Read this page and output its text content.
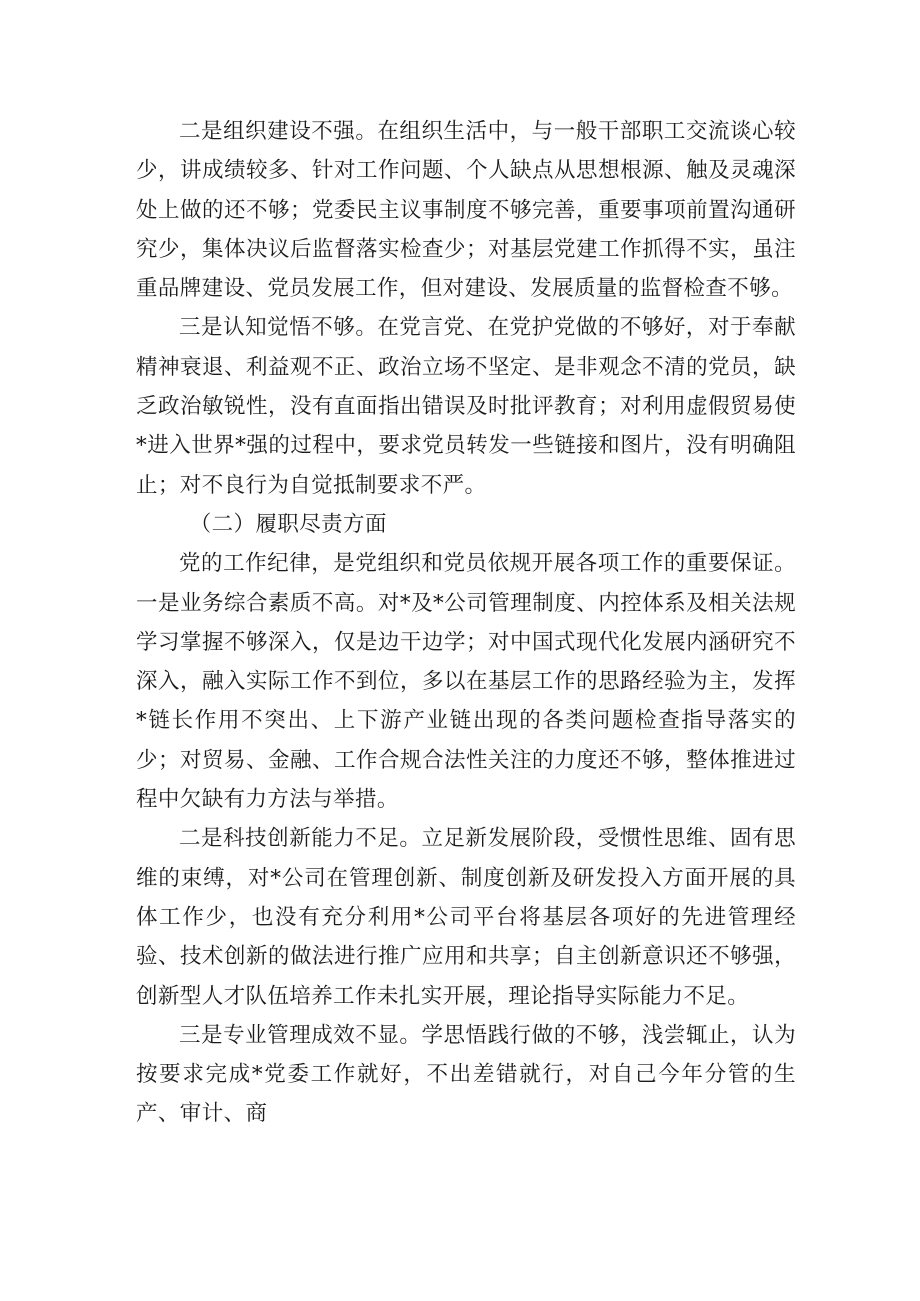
二是组织建设不强。在组织生活中，与一般干部职工交流谈心较少，讲成绩较多、针对工作问题、个人缺点从思想根源、触及灵魂深处上做的还不够；党委民主议事制度不够完善，重要事项前置沟通研究少，集体决议后监督落实检查少；对基层党建工作抓得不实，虽注重品牌建设、党员发展工作，但对建设、发展质量的监督检查不够。

三是认知觉悟不够。在党言党、在党护党做的不够好，对于奉献精神衰退、利益观不正、政治立场不坚定、是非观念不清的党员，缺乏政治敏锐性，没有直面指出错误及时批评教育；对利用虚假贸易使*进入世界*强的过程中，要求党员转发一些链接和图片，没有明确阻止；对不良行为自觉抵制要求不严。

（二）履职尽责方面

党的工作纪律，是党组织和党员依规开展各项工作的重要保证。一是业务综合素质不高。对*及*公司管理制度、内控体系及相关法规学习掌握不够深入，仅是边干边学；对中国式现代化发展内涵研究不深入，融入实际工作不到位，多以在基层工作的思路经验为主，发挥*链长作用不突出、上下游产业链出现的各类问题检查指导落实的少；对贸易、金融、工作合规合法性关注的力度还不够，整体推进过程中欠缺有力方法与举措。

二是科技创新能力不足。立足新发展阶段，受惯性思维、固有思维的束缚，对*公司在管理创新、制度创新及研发投入方面开展的具体工作少，也没有充分利用*公司平台将基层各项好的先进管理经验、技术创新的做法进行推广应用和共享；自主创新意识还不够强，创新型人才队伍培养工作未扎实开展，理论指导实际能力不足。

三是专业管理成效不显。学思悟践行做的不够，浅尝辄止，认为按要求完成*党委工作就好，不出差错就行，对自己今年分管的生产、审计、商
